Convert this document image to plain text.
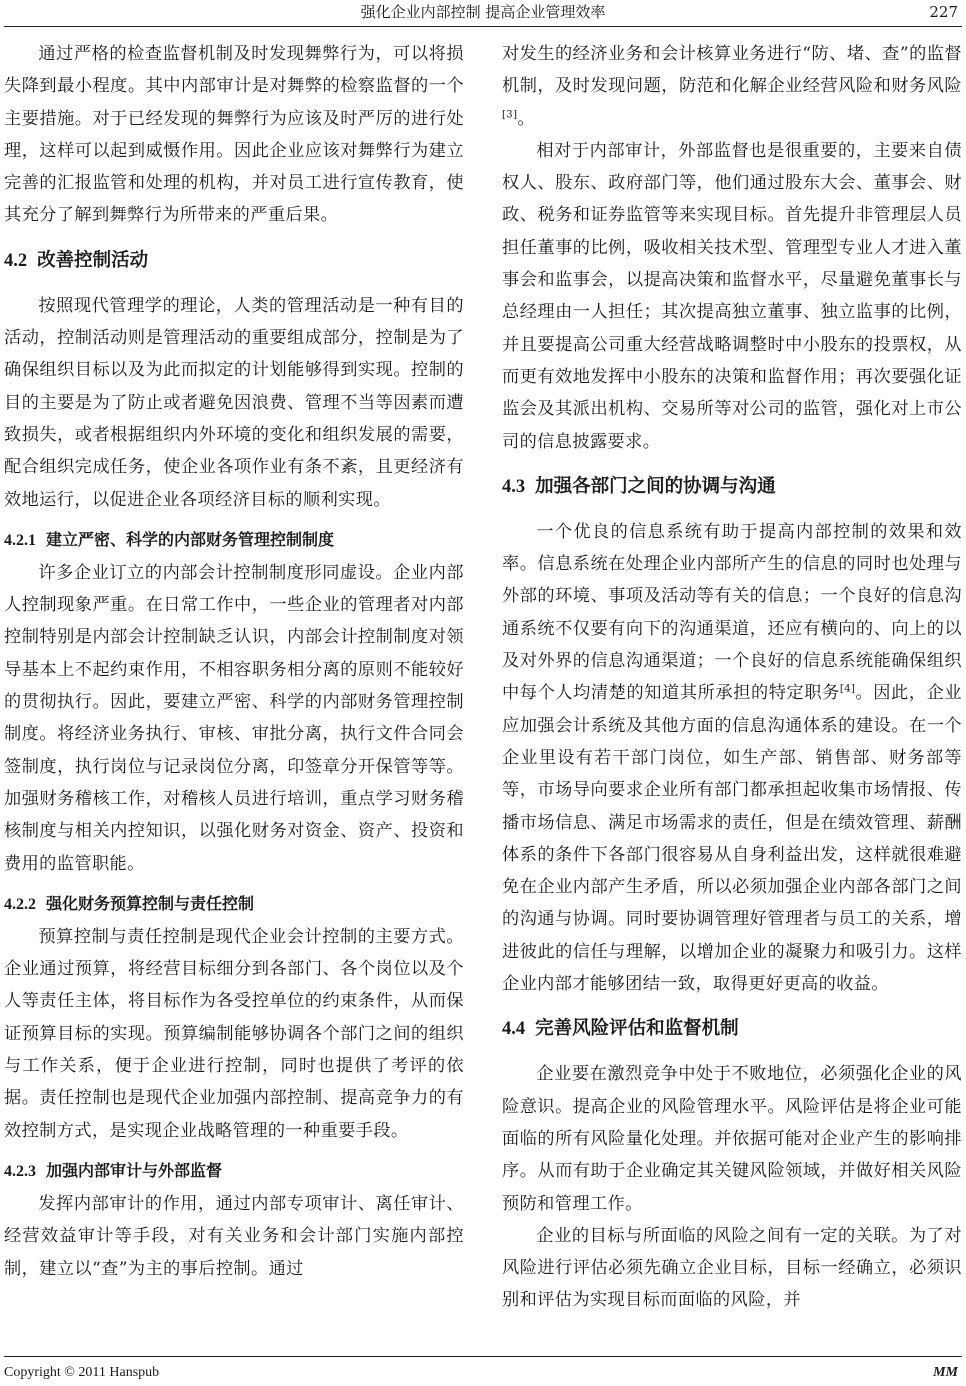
强化企业内部控制 提高企业管理效率	227

通过严格的检查监督机制及时发现舞弊行为，可以将损失降到最小程度。其中内部审计是对舞弊的检察监督的一个主要措施。对于已经发现的舞弊行为应该及时严厉的进行处理，这样可以起到威慑作用。因此企业应该对舞弊行为建立完善的汇报监管和处理的机构，并对员工进行宣传教育，使其充分了解到舞弊行为所带来的严重后果。

4.2 改善控制活动

按照现代管理学的理论，人类的管理活动是一种有目的活动，控制活动则是管理活动的重要组成部分，控制是为了确保组织目标以及为此而拟定的计划能够得到实现。控制的目的主要是为了防止或者避免因浪费、管理不当等因素而遭致损失，或者根据组织内外环境的变化和组织发展的需要，配合组织完成任务，使企业各项作业有条不紊，且更经济有效地运行，以促进企业各项经济目标的顺利实现。

4.2.1 建立严密、科学的内部财务管理控制制度

许多企业订立的内部会计控制制度形同虚设。企业内部人控制现象严重。在日常工作中，一些企业的管理者对内部控制特别是内部会计控制缺乏认识，内部会计控制制度对领导基本上不起约束作用，不相容职务相分离的原则不能较好的贯彻执行。因此，要建立严密、科学的内部财务管理控制制度。将经济业务执行、审核、审批分离，执行文件合同会签制度，执行岗位与记录岗位分离，印签章分开保管等等。加强财务稽核工作，对稽核人员进行培训，重点学习财务稽核制度与相关内控知识，以强化财务对资金、资产、投资和费用的监管职能。

4.2.2 强化财务预算控制与责任控制

预算控制与责任控制是现代企业会计控制的主要方式。企业通过预算，将经营目标细分到各部门、各个岗位以及个人等责任主体，将目标作为各受控单位的约束条件，从而保证预算目标的实现。预算编制能够协调各个部门之间的组织与工作关系，便于企业进行控制，同时也提供了考评的依据。责任控制也是现代企业加强内部控制、提高竞争力的有效控制方式，是实现企业战略管理的一种重要手段。

4.2.3 加强内部审计与外部监督

发挥内部审计的作用，通过内部专项审计、离任审计、经营效益审计等手段，对有关业务和会计部门实施内部控制，建立以“查”为主的事后控制。通过

对发生的经济业务和会计核算业务进行“防、堵、查”的监督机制，及时发现问题，防范和化解企业经营风险和财务风险[3]。

相对于内部审计，外部监督也是很重要的，主要来自债权人、股东、政府部门等，他们通过股东大会、董事会、财政、税务和证券监管等来实现目标。首先提升非管理层人员担任董事的比例，吸收相关技术型、管理型专业人才进入董事会和监事会，以提高决策和监督水平，尽量避免董事长与总经理由一人担任；其次提高独立董事、独立监事的比例，并且要提高公司重大经营战略调整时中小股东的投票权，从而更有效地发挥中小股东的决策和监督作用；再次要强化证监会及其派出机构、交易所等对公司的监管，强化对上市公司的信息披露要求。

4.3 加强各部门之间的协调与沟通

一个优良的信息系统有助于提高内部控制的效果和效率。信息系统在处理企业内部所产生的信息的同时也处理与外部的环境、事项及活动等有关的信息；一个良好的信息沟通系统不仅要有向下的沟通渠道，还应有横向的、向上的以及对外界的信息沟通渠道；一个良好的信息系统能确保组织中每个人均清楚的知道其所承担的特定职务[4]。因此，企业应加强会计系统及其他方面的信息沟通体系的建设。在一个企业里设有若干部门岗位，如生产部、销售部、财务部等等，市场导向要求企业所有部门都承担起收集市场情报、传播市场信息、满足市场需求的责任，但是在绩效管理、薪酬体系的条件下各部门很容易从自身利益出发，这样就很难避免在企业内部产生矛盾，所以必须加强企业内部各部门之间的沟通与协调。同时要协调管理好管理者与员工的关系，增进彼此的信任与理解，以增加企业的凝聚力和吸引力。这样企业内部才能够团结一致，取得更好更高的收益。

4.4 完善风险评估和监督机制

企业要在激烈竞争中处于不败地位，必须强化企业的风险意识。提高企业的风险管理水平。风险评估是将企业可能面临的所有风险量化处理。并依据可能对企业产生的影响排序。从而有助于企业确定其关键风险领域，并做好相关风险预防和管理工作。

企业的目标与所面临的风险之间有一定的关联。为了对风险进行评估必须先确立企业目标，目标一经确立，必须识别和评估为实现目标而面临的风险，并

Copyright © 2011 Hanspub	MM
